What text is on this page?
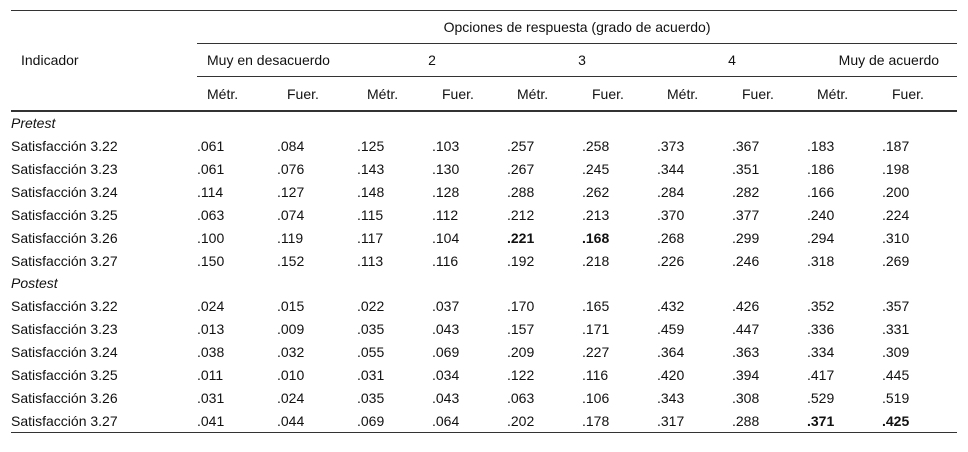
	Opciones de respuesta (grado de acuerdo)									
Indicador	Muy en desacuerdo		2		3		4		Muy de acuerdo	
	Métr.	Fuer.	Métr.	Fuer.	Métr.	Fuer.	Métr.	Fuer.	Métr.	Fuer.
Pretest										
Satisfacción 3.22	.061	.084	.125	.103	.257	.258	.373	.367	.183	.187
Satisfacción 3.23	.061	.076	.143	.130	.267	.245	.344	.351	.186	.198
Satisfacción 3.24	.114	.127	.148	.128	.288	.262	.284	.282	.166	.200
Satisfacción 3.25	.063	.074	.115	.112	.212	.213	.370	.377	.240	.224
Satisfacción 3.26	.100	.119	.117	.104	.221	.168	.268	.299	.294	.310
Satisfacción 3.27	.150	.152	.113	.116	.192	.218	.226	.246	.318	.269
Postest										
Satisfacción 3.22	.024	.015	.022	.037	.170	.165	.432	.426	.352	.357
Satisfacción 3.23	.013	.009	.035	.043	.157	.171	.459	.447	.336	.331
Satisfacción 3.24	.038	.032	.055	.069	.209	.227	.364	.363	.334	.309
Satisfacción 3.25	.011	.010	.031	.034	.122	.116	.420	.394	.417	.445
Satisfacción 3.26	.031	.024	.035	.043	.063	.106	.343	.308	.529	.519
Satisfacción 3.27	.041	.044	.069	.064	.202	.178	.317	.288	.371	.425
